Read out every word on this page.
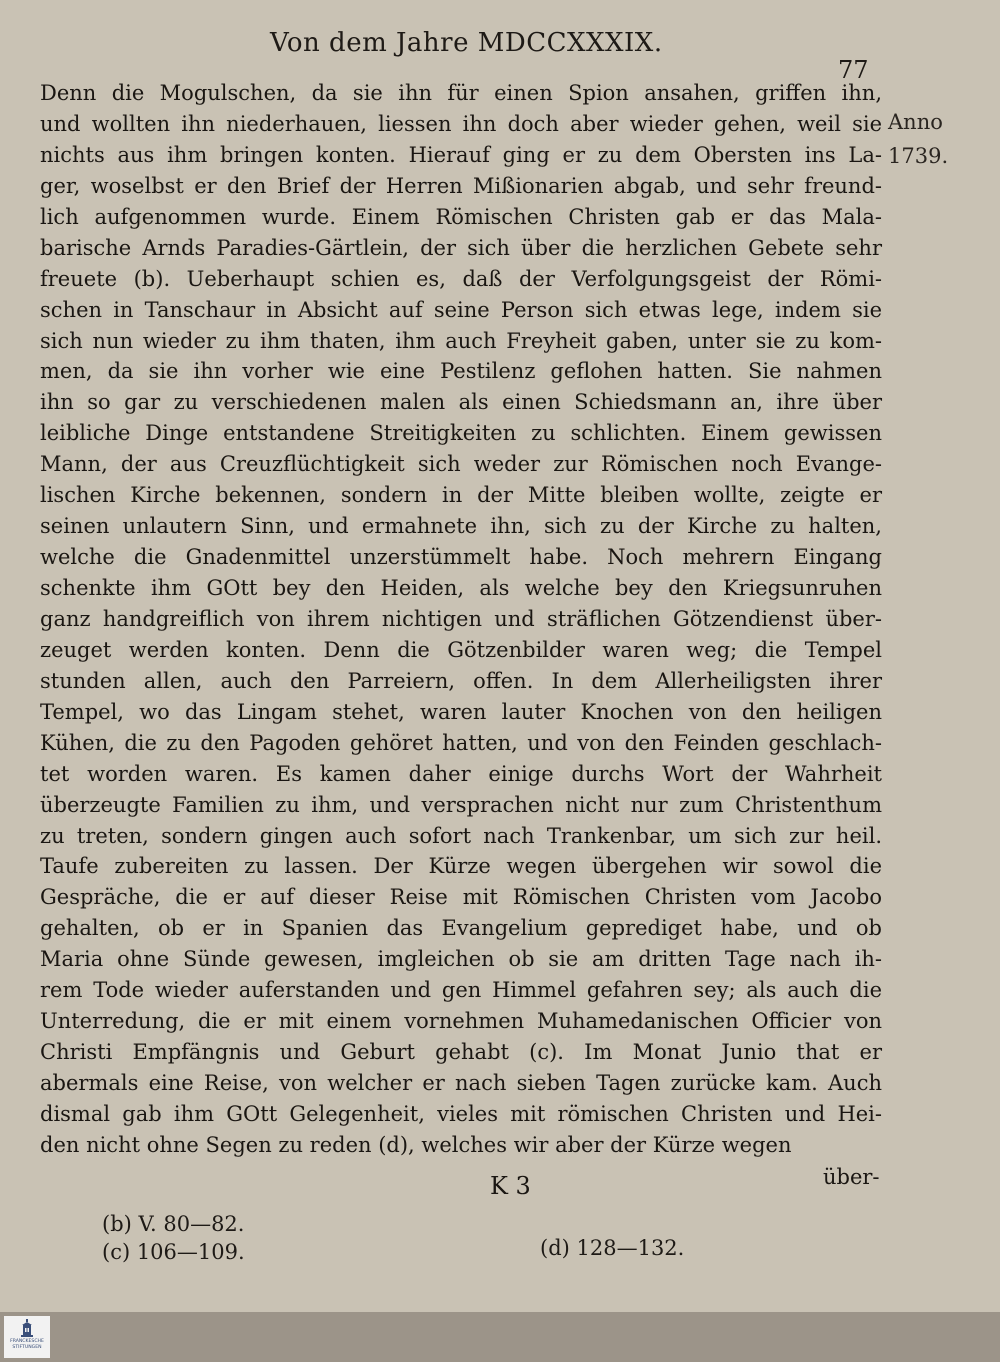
Von dem Jahre MDCCXXXIX.
77
Anno
1739.
Denn die Mogulschen, da sie ihn für einen Spion ansahen, griffen ihn,
und wollten ihn niederhauen, liessen ihn doch aber wieder gehen, weil sie
nichts aus ihm bringen konten. Hierauf ging er zu dem Obersten ins La-
ger, woselbst er den Brief der Herren Mißionarien abgab, und sehr freund-
lich aufgenommen wurde. Einem Römischen Christen gab er das Mala-
barische Arnds Paradies-Gärtlein, der sich über die herzlichen Gebete sehr
freuete (b). Ueberhaupt schien es, daß der Verfolgungsgeist der Römi-
schen in Tanschaur in Absicht auf seine Person sich etwas lege, indem sie
sich nun wieder zu ihm thaten, ihm auch Freyheit gaben, unter sie zu kom-
men, da sie ihn vorher wie eine Pestilenz geflohen hatten. Sie nahmen
ihn so gar zu verschiedenen malen als einen Schiedsmann an, ihre über
leibliche Dinge entstandene Streitigkeiten zu schlichten. Einem gewissen
Mann, der aus Creuzflüchtigkeit sich weder zur Römischen noch Evange-
lischen Kirche bekennen, sondern in der Mitte bleiben wollte, zeigte er
seinen unlautern Sinn, und ermahnete ihn, sich zu der Kirche zu halten,
welche die Gnadenmittel unzerstümmelt habe. Noch mehrern Eingang
schenkte ihm GOtt bey den Heiden, als welche bey den Kriegsunruhen
ganz handgreiflich von ihrem nichtigen und sträflichen Götzendienst über-
zeuget werden konten. Denn die Götzenbilder waren weg; die Tempel
stunden allen, auch den Parreiern, offen. In dem Allerheiligsten ihrer
Tempel, wo das Lingam stehet, waren lauter Knochen von den heiligen
Kühen, die zu den Pagoden gehöret hatten, und von den Feinden geschlach-
tet worden waren. Es kamen daher einige durchs Wort der Wahrheit
überzeugte Familien zu ihm, und versprachen nicht nur zum Christenthum
zu treten, sondern gingen auch sofort nach Trankenbar, um sich zur heil.
Taufe zubereiten zu lassen. Der Kürze wegen übergehen wir sowol die
Gespräche, die er auf dieser Reise mit Römischen Christen vom Jacobo
gehalten, ob er in Spanien das Evangelium geprediget habe, und ob
Maria ohne Sünde gewesen, imgleichen ob sie am dritten Tage nach ih-
rem Tode wieder auferstanden und gen Himmel gefahren sey; als auch die
Unterredung, die er mit einem vornehmen Muhamedanischen Officier von
Christi Empfängnis und Geburt gehabt (c). Im Monat Junio that er
abermals eine Reise, von welcher er nach sieben Tagen zurücke kam. Auch
dismal gab ihm GOtt Gelegenheit, vieles mit römischen Christen und Hei-
den nicht ohne Segen zu reden (d), welches wir aber der Kürze wegen
K 3	über-
(b) V. 80—82.
(c) 106—109.	(d) 128—132.
FRANCKESCHE
STIFTUNGEN
